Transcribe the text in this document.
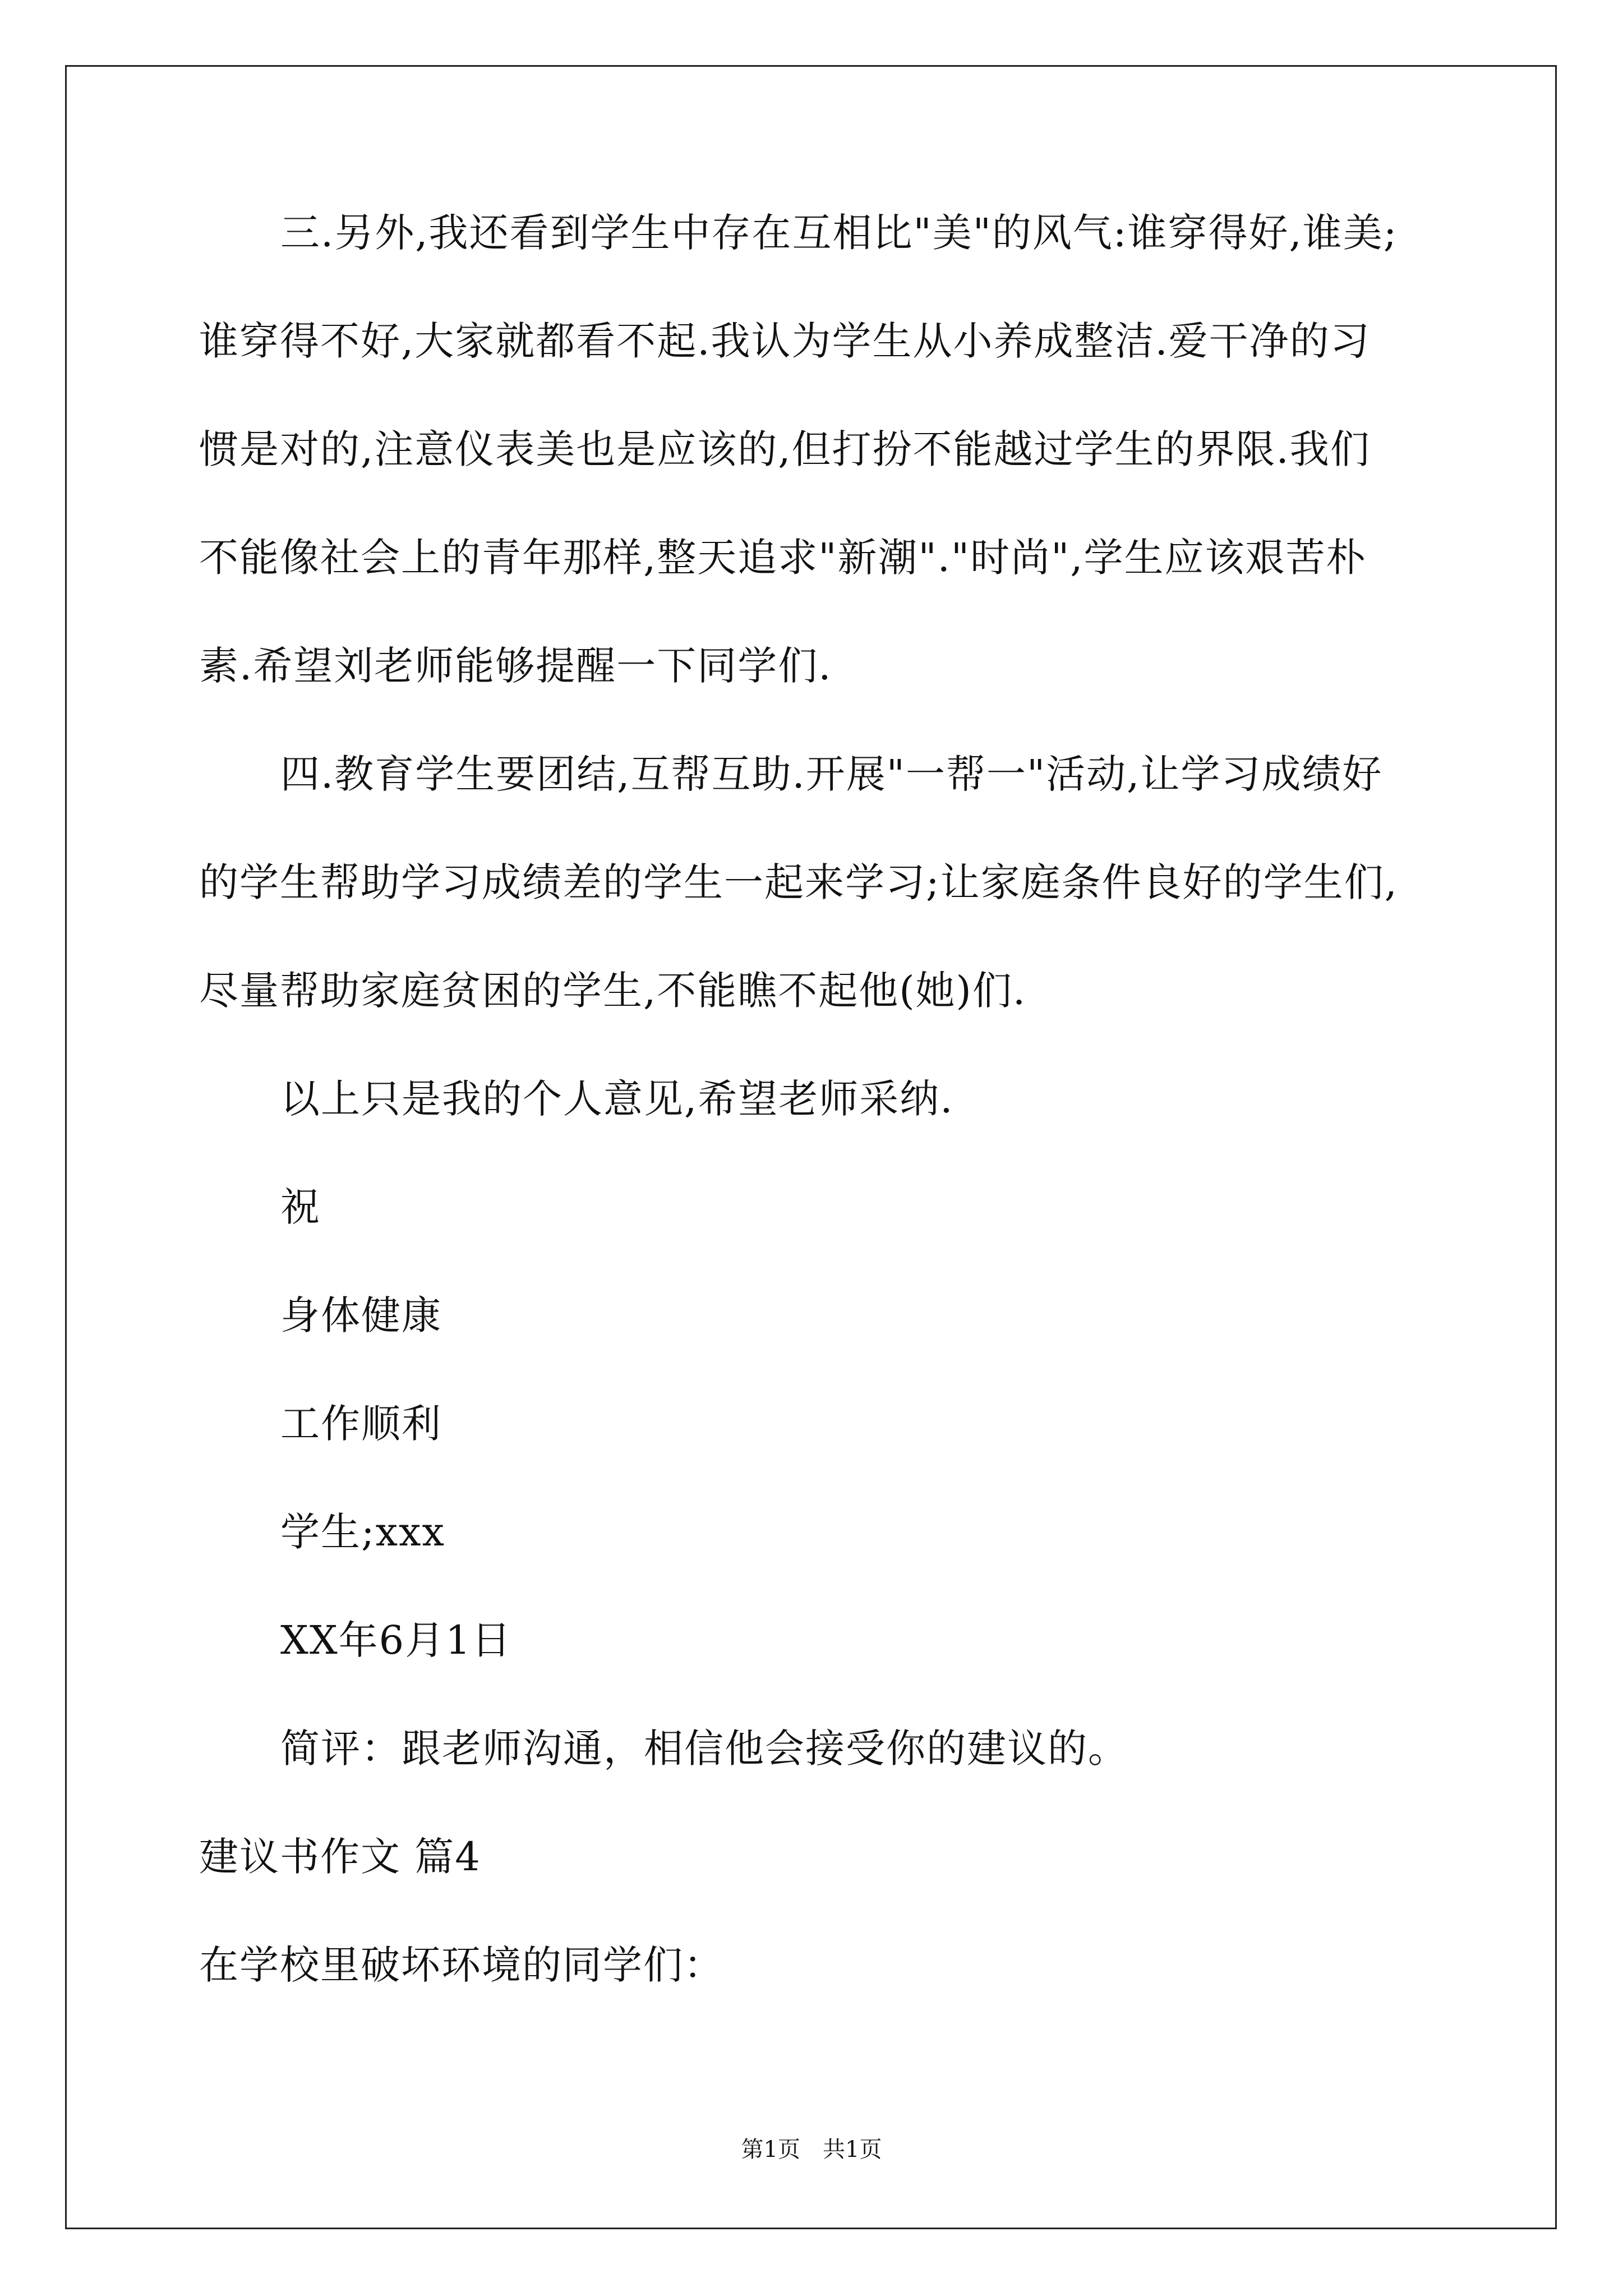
三.另外,我还看到学生中存在互相比"美"的风气:谁穿得好,谁美;
谁穿得不好,大家就都看不起.我认为学生从小养成整洁.爱干净的习
惯是对的,注意仪表美也是应该的,但打扮不能越过学生的界限.我们
不能像社会上的青年那样,整天追求"新潮"."时尚",学生应该艰苦朴
素.希望刘老师能够提醒一下同学们.
四.教育学生要团结,互帮互助.开展"一帮一"活动,让学习成绩好
的学生帮助学习成绩差的学生一起来学习;让家庭条件良好的学生们,
尽量帮助家庭贫困的学生,不能瞧不起他(她)们.
以上只是我的个人意见,希望老师采纳.
祝
身体健康
工作顺利
学生;xxx
XX年6月1日
简评：跟老师沟通，相信他会接受你的建议的。
建议书作文 篇4
在学校里破坏环境的同学们：
第1页　共1页
